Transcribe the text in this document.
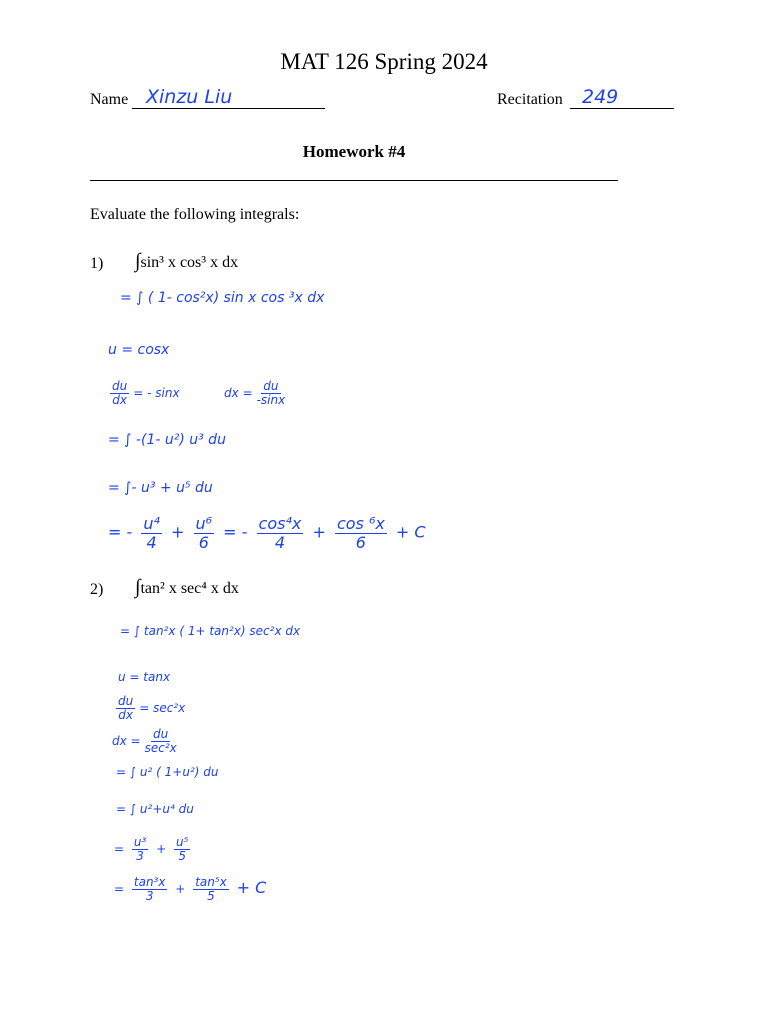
MAT 126 Spring 2024
Name Xinzu Liu	Recitation 249
Homework #4
Evaluate the following integrals:
1) ∫sin³ x cos³ x dx
= ∫ ( 1- cos²x) sin x cos ³x dx
u = cosx
$\frac{du}{dx}$ = - sinx	dx = $\frac{du}{-\sin x}$
= ∫ -(1- u²) u³ du
= ∫- u³ + u⁵ du
= - $\frac{\text{u⁴}}{4} + \frac{\text{u⁶}}{6}$ = - $\frac{\text{cos⁴x}}{4} + \frac{\text{cos ⁶x}}{6} + C$
2) ∫tan² x sec⁴ x dx
= ∫ tan²x ( 1+ tan²x) sec²x dx
u = tanx
$\frac{du}{dx} = \sec^2x$
dx = $\frac{du}{\text{sec²x}}$
= ∫ u² ( 1+u²) du
= ∫ u²+u⁴ du
= $\frac{\text{u³}}{3} + \frac{\text{u⁵}}{5}$
= $\frac{\text{tan³x}}{3} + \frac{\text{tan⁵x}}{5} + C$
